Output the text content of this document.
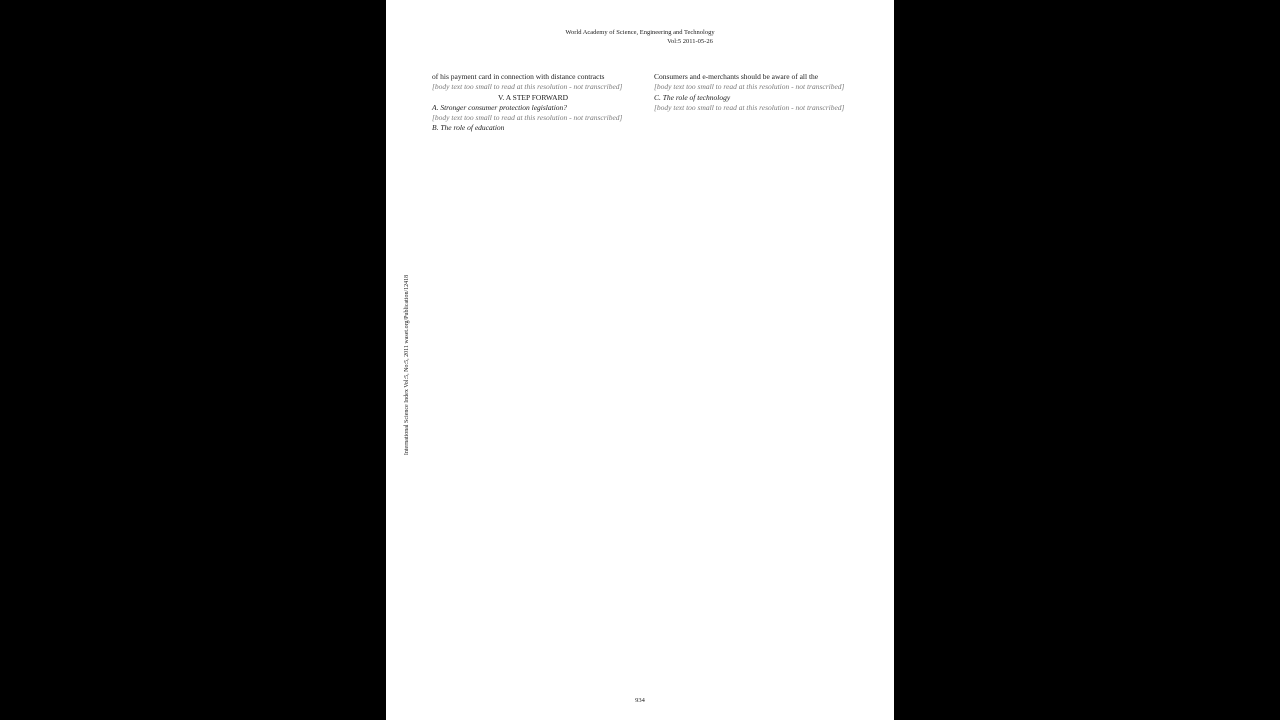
World Academy of Science, Engineering and Technology
Vol:5 2011-05-26
International Science Index Vol:5, No:5, 2011 waset.org/Publication/12418

of his payment card in connection with distance contracts

[body text too small to read at this resolution - not transcribed]

V. A STEP FORWARD

A. Stronger consumer protection legislation?

[body text too small to read at this resolution - not transcribed]

B. The role of education

Consumers and e-merchants should be aware of all the

[body text too small to read at this resolution - not transcribed]

C. The role of technology

[body text too small to read at this resolution - not transcribed]

934
